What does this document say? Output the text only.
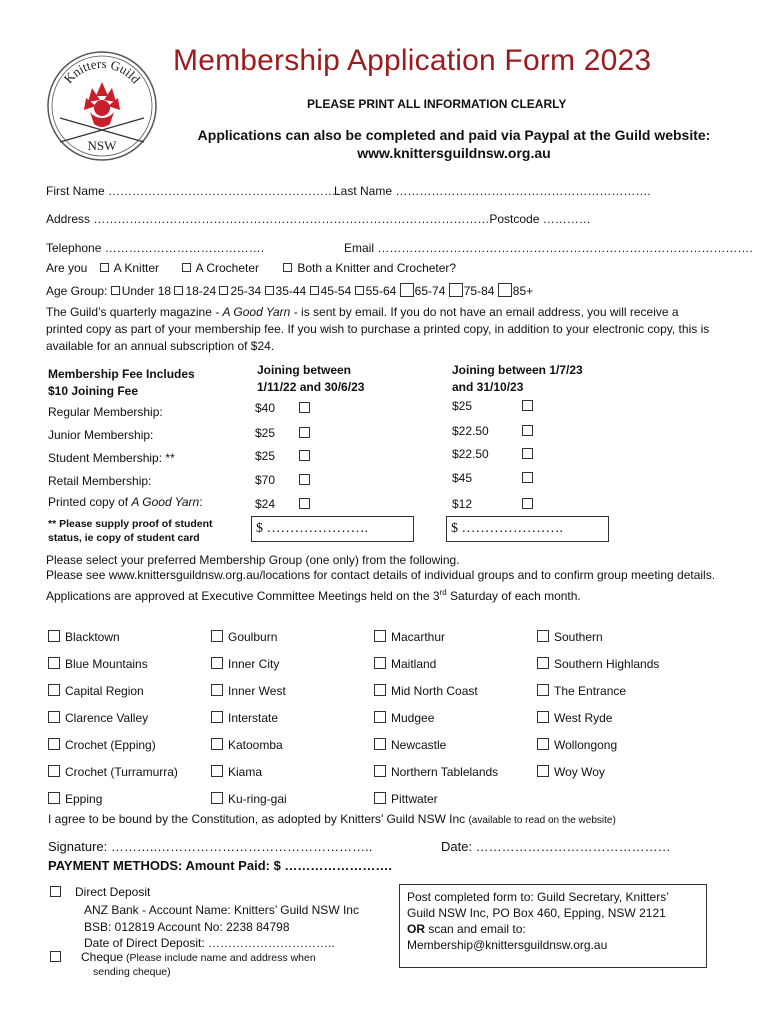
Knitters Guild
NSW
Membership Application Form 2023
PLEASE PRINT ALL INFORMATION CLEARLY
Applications can also be completed and paid via Paypal at the Guild website:
www.knittersguildnsw.org.au
First Name ………………………………………………….
Last Name ……………………………………………………….
Address ………………………………………………………………………………………Postcode …………
Telephone ………………………………….	Email ………………………………………………………………………………….
Are you	A Knitter	A Crocheter	Both a Knitter and Crocheter?
Age Group: Under 18 18-24 25-34 35-44 45-54 55-64 65-74 75-84 85+
The Guild’s quarterly magazine - A Good Yarn - is sent by email. If you do not have an email address, you will receive a printed copy as part of your membership fee. If you wish to purchase a printed copy, in addition to your electronic copy, this is available for an annual subscription of $24.
Membership Fee Includes
$10 Joining Fee
Joining between
1/11/22 and 30/6/23
Joining between 1/7/23
and 31/10/23
Regular Membership:	$40	$25
Junior Membership:	$25	$22.50
Student Membership: **	$25	$22.50
Retail Membership:	$70	$45
Printed copy of A Good Yarn:	$24	$12
** Please supply proof of student
status, ie copy of student card
$ ………………….	$ ………………….
Please select your preferred Membership Group (one only) from the following.
Please see www.knittersguildnsw.org.au/locations for contact details of individual groups and to confirm group meeting details.
Applications are approved at Executive Committee Meetings held on the 3rd Saturday of each month.
Blacktown
Blue Mountains
Capital Region
Clarence Valley
Crochet (Epping)
Crochet (Turramurra)
Epping
Goulburn
Inner City
Inner West
Interstate
Katoomba
Kiama
Ku-ring-gai
Macarthur
Maitland
Mid North Coast
Mudgee
Newcastle
Northern Tablelands
Pittwater
Southern
Southern Highlands
The Entrance
West Ryde
Wollongong
Woy Woy
I agree to be bound by the Constitution, as adopted by Knitters’ Guild NSW Inc (available to read on the website)
Signature: ………..…………………………………………..	Date: ………………………………………
PAYMENT METHODS: Amount Paid: $ …………………….
Direct Deposit
ANZ Bank - Account Name: Knitters’ Guild NSW Inc
BSB: 012819 Account No: 2238 84798
Date of Direct Deposit: …………………………..
Cheque (Please include name and address when
sending cheque)
Post completed form to: Guild Secretary, Knitters’
Guild NSW Inc, PO Box 460, Epping, NSW 2121
OR scan and email to:
Membership@knittersguildnsw.org.au
